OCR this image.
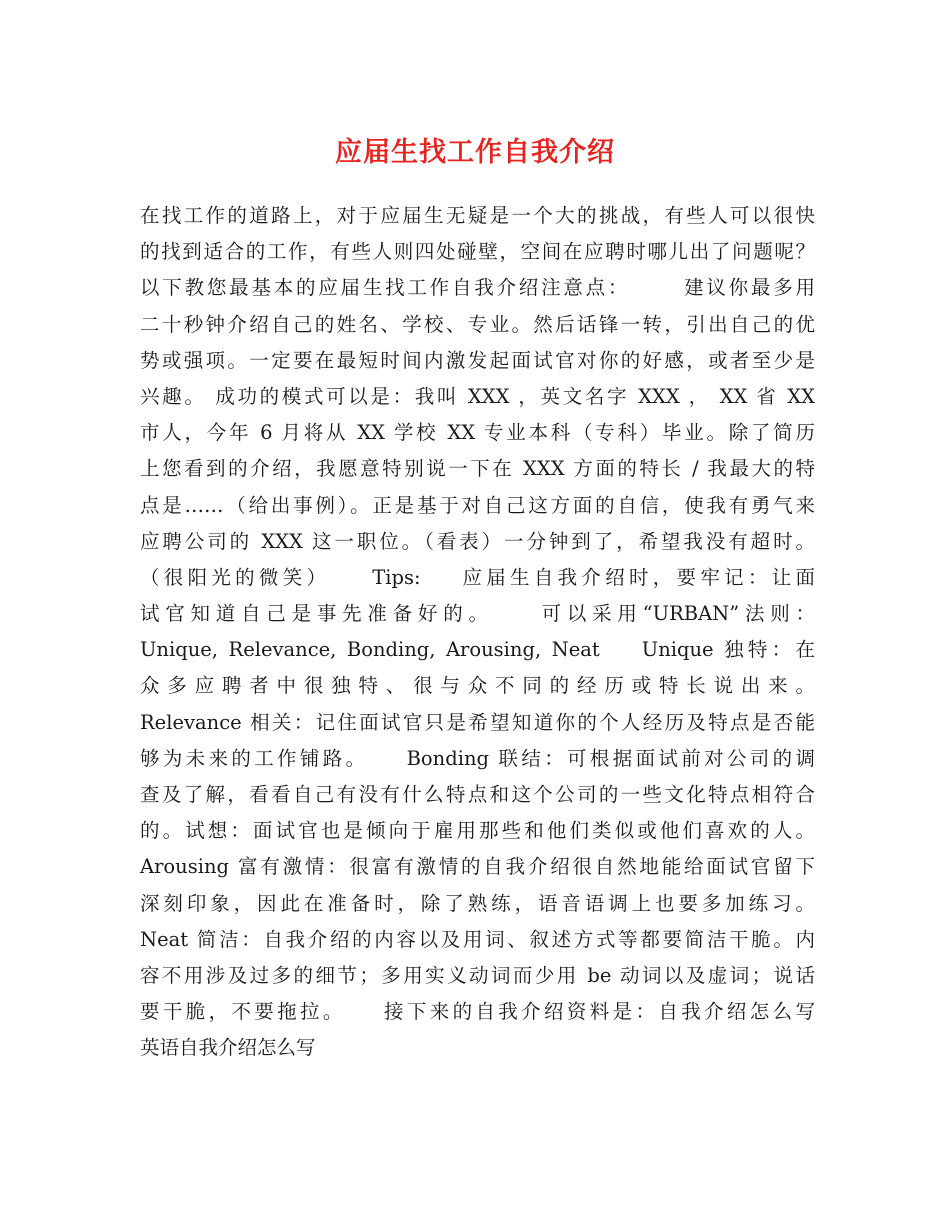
应届生找工作自我介绍
在找工作的道路上，对于应届生无疑是一个大的挑战，有些人可以很快
的找到适合的工作，有些人则四处碰壁，空间在应聘时哪儿出了问题呢？
以下教您最基本的应届生找工作自我介绍注意点：      建议你最多用
二十秒钟介绍自己的姓名、学校、专业。然后话锋一转，引出自己的优
势或强项。一定要在最短时间内激发起面试官对你的好感，或者至少是
兴趣。 成功的模式可以是：我叫 XXX ，英文名字 XXX ， XX 省 XX
市人，今年 6 月将从 XX 学校 XX 专业本科（专科）毕业。除了简历
上您看到的介绍，我愿意特别说一下在 XXX 方面的特长 / 我最大的特
点是……（给出事例）。正是基于对自己这方面的自信，使我有勇气来
应聘公司的 XXX 这一职位。（看表）一分钟到了，希望我没有超时。
（很阳光的微笑）    Tips:    应届生自我介绍时，要牢记：让面
试官知道自己是事先准备好的。    可以采用“URBAN”法则：
Unique, Relevance, Bonding, Arousing, Neat    Unique 独特：在
众多应聘者中很独特、很与众不同的经历或特长说出来。
Relevance 相关：记住面试官只是希望知道你的个人经历及特点是否能
够为未来的工作铺路。    Bonding 联结：可根据面试前对公司的调
查及了解，看看自己有没有什么特点和这个公司的一些文化特点相符合
的。试想：面试官也是倾向于雇用那些和他们类似或他们喜欢的人。
Arousing 富有激情：很富有激情的自我介绍很自然地能给面试官留下
深刻印象，因此在准备时，除了熟练，语音语调上也要多加练习。
Neat 简洁：自我介绍的内容以及用词、叙述方式等都要简洁干脆。内
容不用涉及过多的细节；多用实义动词而少用 be 动词以及虚词；说话
要干脆，不要拖拉。    接下来的自我介绍资料是：自我介绍怎么写
英语自我介绍怎么写
